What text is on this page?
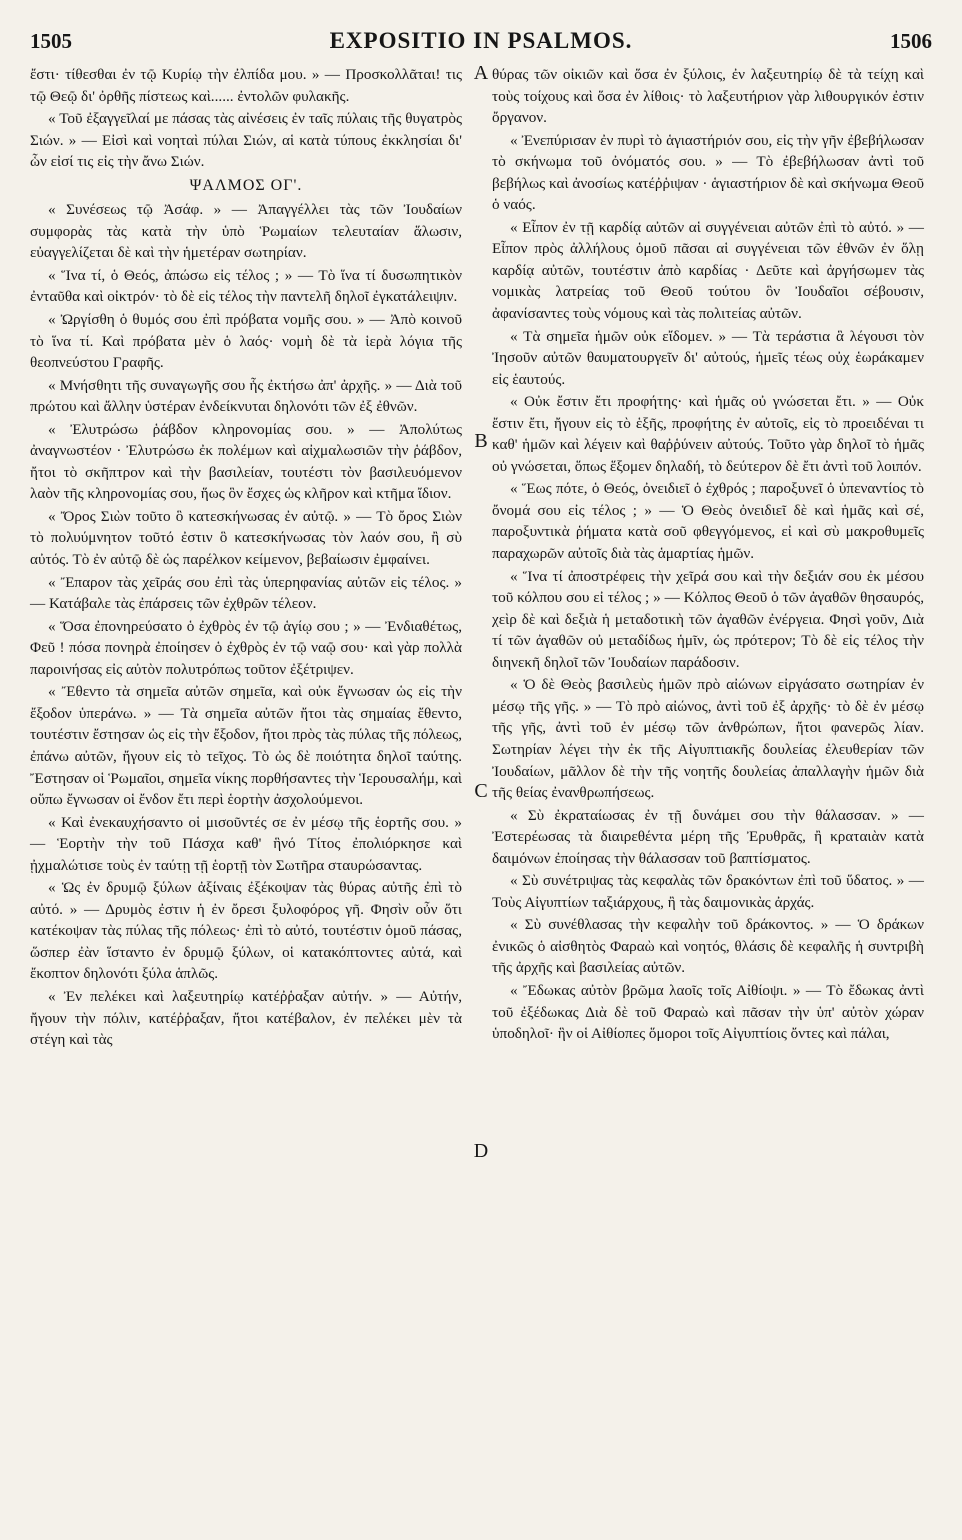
1505	EXPOSITIO IN PSALMOS.	1506
A
B
C
D

ἔστι· τίθεσθαι ἐν τῷ Κυρίῳ τὴν ἐλπίδα μου. » — Προσκολλᾶται! τις τῷ Θεῷ δι' ὀρθῆς πίστεως καὶ...... ἐντολῶν φυλακῆς.

« Τοῦ ἐξαγγεῖλαί με πάσας τὰς αἰνέσεις ἐν ταῖς πύλαις τῆς θυγατρὸς Σιών. » — Εἰσὶ καὶ νοηταὶ πύλαι Σιών, αἱ κατὰ τύπους ἐκκλησίαι δι' ὧν εἰσί τις εἰς τὴν ἄνω Σιών.

ΨΑΛΜΟΣ ΟΓ'.

« Συνέσεως τῷ Ἀσάφ. » — Ἀπαγγέλλει τὰς τῶν Ἰουδαίων συμφορὰς τὰς κατὰ τὴν ὑπὸ Ῥωμαίων τελευταίαν ἅλωσιν, εὐαγγελίζεται δὲ καὶ τὴν ἡμετέραν σωτηρίαν.

« Ἵνα τί, ὁ Θεός, ἀπώσω εἰς τέλος ; » — Τὸ ἵνα τί δυσωπητικὸν ἐνταῦθα καὶ οἰκτρόν· τὸ δὲ εἰς τέλος τὴν παντελῆ δηλοῖ ἐγκατάλειψιν.

« Ὠργίσθη ὁ θυμός σου ἐπὶ πρόβατα νομῆς σου. » — Ἀπὸ κοινοῦ τὸ ἵνα τί. Καὶ πρόβατα μὲν ὁ λαός· νομὴ δὲ τὰ ἱερὰ λόγια τῆς θεοπνεύστου Γραφῆς.

« Μνήσθητι τῆς συναγωγῆς σου ἧς ἐκτήσω ἀπ' ἀρχῆς. » — Διὰ τοῦ πρώτου καὶ ἄλλην ὑστέραν ἐνδείκνυται δηλονότι τῶν ἐξ ἐθνῶν.

« Ἐλυτρώσω ῥάβδον κληρονομίας σου. » — Ἀπολύτως ἀναγνωστέον · Ἐλυτρώσω ἐκ πολέμων καὶ αἰχμαλωσιῶν τὴν ῥάβδον, ἤτοι τὸ σκῆπτρον καὶ τὴν βασιλείαν, τουτέστι τὸν βασιλευόμενον λαὸν τῆς κληρονομίας σου, ἥως ὃν ἔσχες ὡς κλῆρον καὶ κτῆμα ἴδιον.

« Ὄρος Σιὼν τοῦτο ὃ κατεσκήνωσας ἐν αὐτῷ. » — Τὸ ὄρος Σιὼν τὸ πολυύμνητον τοῦτό ἐστιν ὃ κατεσκήνωσας τὸν λαόν σου, ἢ σὺ αὐτός. Τὸ ἐν αὐτῷ δὲ ὡς παρέλκον κείμενον, βεβαίωσιν ἐμφαίνει.

« Ἔπαρον τὰς χεῖράς σου ἐπὶ τὰς ὑπερηφανίας αὐτῶν εἰς τέλος. » — Κατάβαλε τὰς ἐπάρσεις τῶν ἐχθρῶν τέλεον.

« Ὅσα ἐπονηρεύσατο ὁ ἐχθρὸς ἐν τῷ ἁγίῳ σου ; » — Ἐνδιαθέτως, Φεῦ ! πόσα πονηρὰ ἐποίησεν ὁ ἐχθρὸς ἐν τῷ ναῷ σου· καὶ γὰρ πολλὰ παροινήσας εἰς αὐτὸν πολυτρόπως τοῦτον ἐξέτριψεν.

« Ἔθεντο τὰ σημεῖα αὐτῶν σημεῖα, καὶ οὐκ ἔγνωσαν ὡς εἰς τὴν ἔξοδον ὑπεράνω. » — Τὰ σημεῖα αὐτῶν ἤτοι τὰς σημαίας ἔθεντο, τουτέστιν ἔστησαν ὡς εἰς τὴν ἔξοδον, ἤτοι πρὸς τὰς πύλας τῆς πόλεως, ἐπάνω αὐτῶν, ἤγουν εἰς τὸ τεῖχος. Τὸ ὡς δὲ ποιότητα δηλοῖ ταύτης. Ἔστησαν οἱ Ῥωμαῖοι, σημεῖα νίκης πορθήσαντες τὴν Ἱερουσαλήμ, καὶ οὕπω ἔγνωσαν οἱ ἔνδον ἔτι περὶ ἑορτὴν ἀσχολούμενοι.

« Καὶ ἐνεκαυχήσαντο οἱ μισοῦντές σε ἐν μέσῳ τῆς ἑορτῆς σου. » — Ἑορτὴν τὴν τοῦ Πάσχα καθ' ἣνό Τίτος ἐπολιόρκησε καὶ ᾐχμαλώτισε τοὺς ἐν ταύτῃ τῇ ἑορτῇ τὸν Σωτῆρα σταυρώσαντας.

« Ὡς ἐν δρυμῷ ξύλων ἀξίναις ἐξέκοψαν τὰς θύρας αὐτῆς ἐπὶ τὸ αὐτό. » — Δρυμὸς ἐστιν ἡ ἐν ὄρεσι ξυλοφόρος γῆ. Φησὶν οὖν ὅτι κατέκοψαν τὰς πύλας τῆς πόλεως· ἐπὶ τὸ αὐτό, τουτέστιν ὁμοῦ πάσας, ὥσπερ ἐὰν ἵσταντο ἐν δρυμῷ ξύλων, οἱ κατακόπτοντες αὐτά, καὶ ἔκοπτον δηλονότι ξύλα ἁπλῶς.

« Ἐν πελέκει καὶ λαξευτηρίῳ κατέῤῥαξαν αὐτήν. » — Αὐτήν, ἤγουν τὴν πόλιν, κατέῤῥαξαν, ἤτοι κατέβαλον, ἐν πελέκει μὲν τὰ στέγη καὶ τὰς

θύρας τῶν οἰκιῶν καὶ ὅσα ἐν ξύλοις, ἐν λαξευτηρίῳ δὲ τὰ τείχη καὶ τοὺς τοίχους καὶ ὅσα ἐν λίθοις· τὸ λαξευτήριον γὰρ λιθουργικόν ἐστιν ὄργανον.

« Ἐνεπύρισαν ἐν πυρὶ τὸ ἁγιαστήριόν σου, εἰς τὴν γῆν ἐβεβήλωσαν τὸ σκήνωμα τοῦ ὀνόματός σου. » — Τὸ ἐβεβήλωσαν ἀντὶ τοῦ βεβήλως καὶ ἀνοσίως κατέῤῥιψαν · ἁγιαστήριον δὲ καὶ σκήνωμα Θεοῦ ὁ ναός.

« Εἶπον ἐν τῇ καρδίᾳ αὐτῶν αἱ συγγένειαι αὐτῶν ἐπὶ τὸ αὐτό. » — Εἶπον πρὸς ἀλλήλους ὁμοῦ πᾶσαι αἱ συγγένειαι τῶν ἐθνῶν ἐν ὅλῃ καρδίᾳ αὐτῶν, τουτέστιν ἀπὸ καρδίας · Δεῦτε καὶ ἀργήσωμεν τὰς νομικὰς λατρείας τοῦ Θεοῦ τούτου ὃν Ἰουδαῖοι σέβουσιν, ἀφανίσαντες τοὺς νόμους καὶ τὰς πολιτείας αὐτῶν.

« Τὰ σημεῖα ἡμῶν οὐκ εἴδομεν. » — Τὰ τεράστια ἃ λέγουσι τὸν Ἰησοῦν αὐτῶν θαυματουργεῖν δι' αὐτούς, ἡμεῖς τέως οὐχ ἑωράκαμεν εἰς ἑαυτούς.

« Οὐκ ἔστιν ἔτι προφήτης· καὶ ἡμᾶς οὐ γνώσεται ἔτι. » — Οὐκ ἔστιν ἔτι, ἤγουν εἰς τὸ ἑξῆς, προφήτης ἐν αὐτοῖς, εἰς τὸ προειδέναι τι καθ' ἡμῶν καὶ λέγειν καὶ θαῤῥύνειν αὐτούς. Τοῦτο γὰρ δηλοῖ τὸ ἡμᾶς οὐ γνώσεται, ὅπως ἕξομεν δηλαδή, τὸ δεύτερον δὲ ἔτι ἀντὶ τοῦ λοιπόν.

« Ἕως πότε, ὁ Θεός, ὀνειδιεῖ ὁ ἐχθρός ; παροξυνεῖ ὁ ὑπεναντίος τὸ ὄνομά σου εἰς τέλος ; » — Ὁ Θεὸς ὀνειδιεῖ δὲ καὶ ἡμᾶς καὶ σέ, παροξυντικὰ ῥήματα κατὰ σοῦ φθεγγόμενος, εἰ καὶ σὺ μακροθυμεῖς παραχωρῶν αὐτοῖς διὰ τὰς ἁμαρτίας ἡμῶν.

« Ἵνα τί ἀποστρέφεις τὴν χεῖρά σου καὶ τὴν δεξιάν σου ἐκ μέσου τοῦ κόλπου σου εἰ τέλος ; » — Κόλπος Θεοῦ ὁ τῶν ἀγαθῶν θησαυρός, χεὶρ δὲ καὶ δεξιὰ ἡ μεταδοτικὴ τῶν ἀγαθῶν ἐνέργεια. Φησὶ γοῦν, Διὰ τί τῶν ἀγαθῶν οὐ μεταδίδως ἡμῖν, ὡς πρότερον; Τὸ δὲ εἰς τέλος τὴν διηνεκῆ δηλοῖ τῶν Ἰουδαίων παράδοσιν.

« Ὁ δὲ Θεὸς βασιλεὺς ἡμῶν πρὸ αἰώνων εἰργάσατο σωτηρίαν ἐν μέσῳ τῆς γῆς. » — Τὸ πρὸ αἰώνος, ἀντὶ τοῦ ἐξ ἀρχῆς· τὸ δὲ ἐν μέσῳ τῆς γῆς, ἀντὶ τοῦ ἐν μέσῳ τῶν ἀνθρώπων, ἤτοι φανερῶς λίαν. Σωτηρίαν λέγει τὴν ἐκ τῆς Αἰγυπτιακῆς δουλείας ἐλευθερίαν τῶν Ἰουδαίων, μᾶλλον δὲ τὴν τῆς νοητῆς δουλείας ἀπαλλαγὴν ἡμῶν διὰ τῆς θείας ἐνανθρωπήσεως.

« Σὺ ἐκραταίωσας ἐν τῇ δυνάμει σου τὴν θάλασσαν. » — Ἐστερέωσας τὰ διαιρεθέντα μέρη τῆς Ἐρυθρᾶς, ἢ κραταιὰν κατὰ δαιμόνων ἐποίησας τὴν θάλασσαν τοῦ βαπτίσματος.

« Σὺ συνέτριψας τὰς κεφαλὰς τῶν δρακόντων ἐπὶ τοῦ ὕδατος. » — Τοὺς Αἰγυπτίων ταξιάρχους, ἢ τὰς δαιμονικὰς ἀρχάς.

« Σὺ συνέθλασας τὴν κεφαλὴν τοῦ δράκοντος. » — Ὁ δράκων ἐνικῶς ὁ αἰσθητὸς Φαραὼ καὶ νοητός, θλάσις δὲ κεφαλῆς ἡ συντριβὴ τῆς ἀρχῆς καὶ βασιλείας αὐτῶν.

« Ἔδωκας αὐτὸν βρῶμα λαοῖς τοῖς Αἰθίοψι. » — Τὸ ἔδωκας ἀντὶ τοῦ ἐξέδωκας Διὰ δὲ τοῦ Φαραὼ καὶ πᾶσαν τὴν ὑπ' αὐτὸν χώραν ὑποδηλοῖ· ἣν οἱ Αἰθίοπες ὅμοροι τοῖς Αἰγυπτίοις ὄντες καὶ πάλαι,
